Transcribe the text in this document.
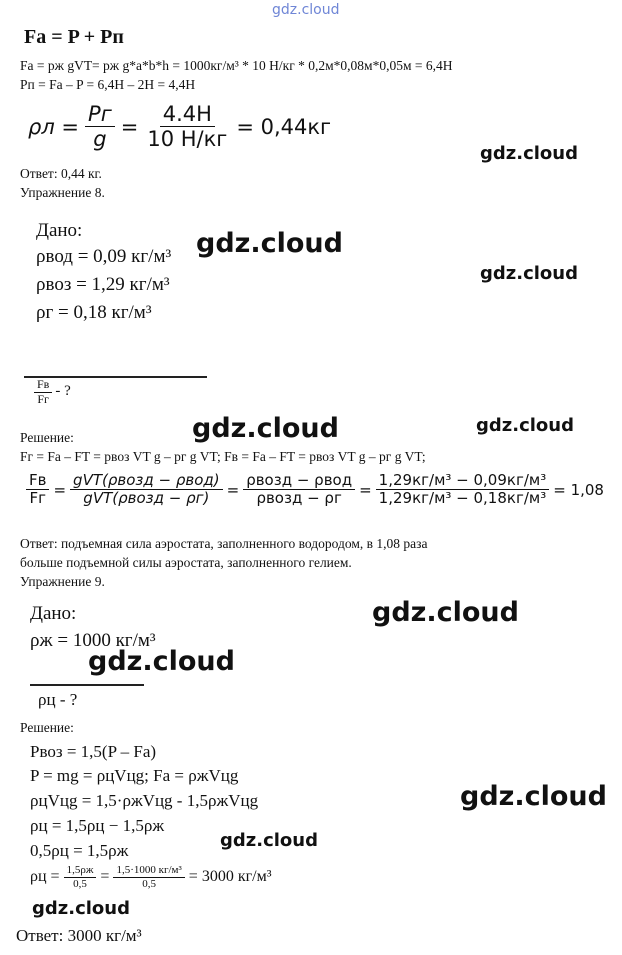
gdz.cloud
Fа = P + Pп
Fа = pж gVT= pж g*a*b*h = 1000кг/м³ * 10 Н/кг * 0,2м*0,08м*0,05м = 6,4Н
Pп = Fа – P = 6,4Н – 2Н = 4,4Н
$\rho л = \frac{Pг}{g} = \frac{4.4Н}{10 Н/кг} = 0,44кг$
gdz.cloud
Ответ: 0,44 кг.
Упражнение 8.
Дано:
ρвод = 0,09 кг/м³
ρвоз = 1,29 кг/м³
ρг = 0,18 кг/м³
gdz.cloud
gdz.cloud
$\frac{Fв}{Fг}$ - ?
gdz.cloud	gdz.cloud
Решение:
Fг = Fа – FT = pвоз VT g – pг g VT; Fв = Fа – FT = pвоз VT g – pг g VT;
$\frac{Fв}{Fг} = \frac{\text{gVT(ρвозд − ρвод)}}{\text{gVT(ρвозд − ρг)}} = \frac{\text{ρвозд − ρвод}}{\text{ρвозд − ρг}} = \frac{\text{1,29кг/м³ − 0,09кг/м³}}{\text{1,29кг/м³ − 0,18кг/м³}} = 1,08$
Ответ: подъемная сила аэростата, заполненного водородом, в 1,08 раза
больше подъемной силы аэростата, заполненного гелием.
Упражнение 9.
Дано:
ρж = 1000 кг/м³
gdz.cloud
gdz.cloud
ρц - ?
Решение:
Pвоз = 1,5(P – Fа)
P = mg = ρцVцg; Fа = ρжVцg
ρцVцg = 1,5·ρжVцg - 1,5ρжVцg
ρц = 1,5ρц − 1,5ρж
0,5ρц = 1,5ρж
gdz.cloud
gdz.cloud
$\rho ц = \frac{1,5\rho ж}{0,5} = \frac{\text{1,5·1000 кг/м³}}{0,5} = 3000$ кг/м³
gdz.cloud
Ответ: 3000 кг/м³
